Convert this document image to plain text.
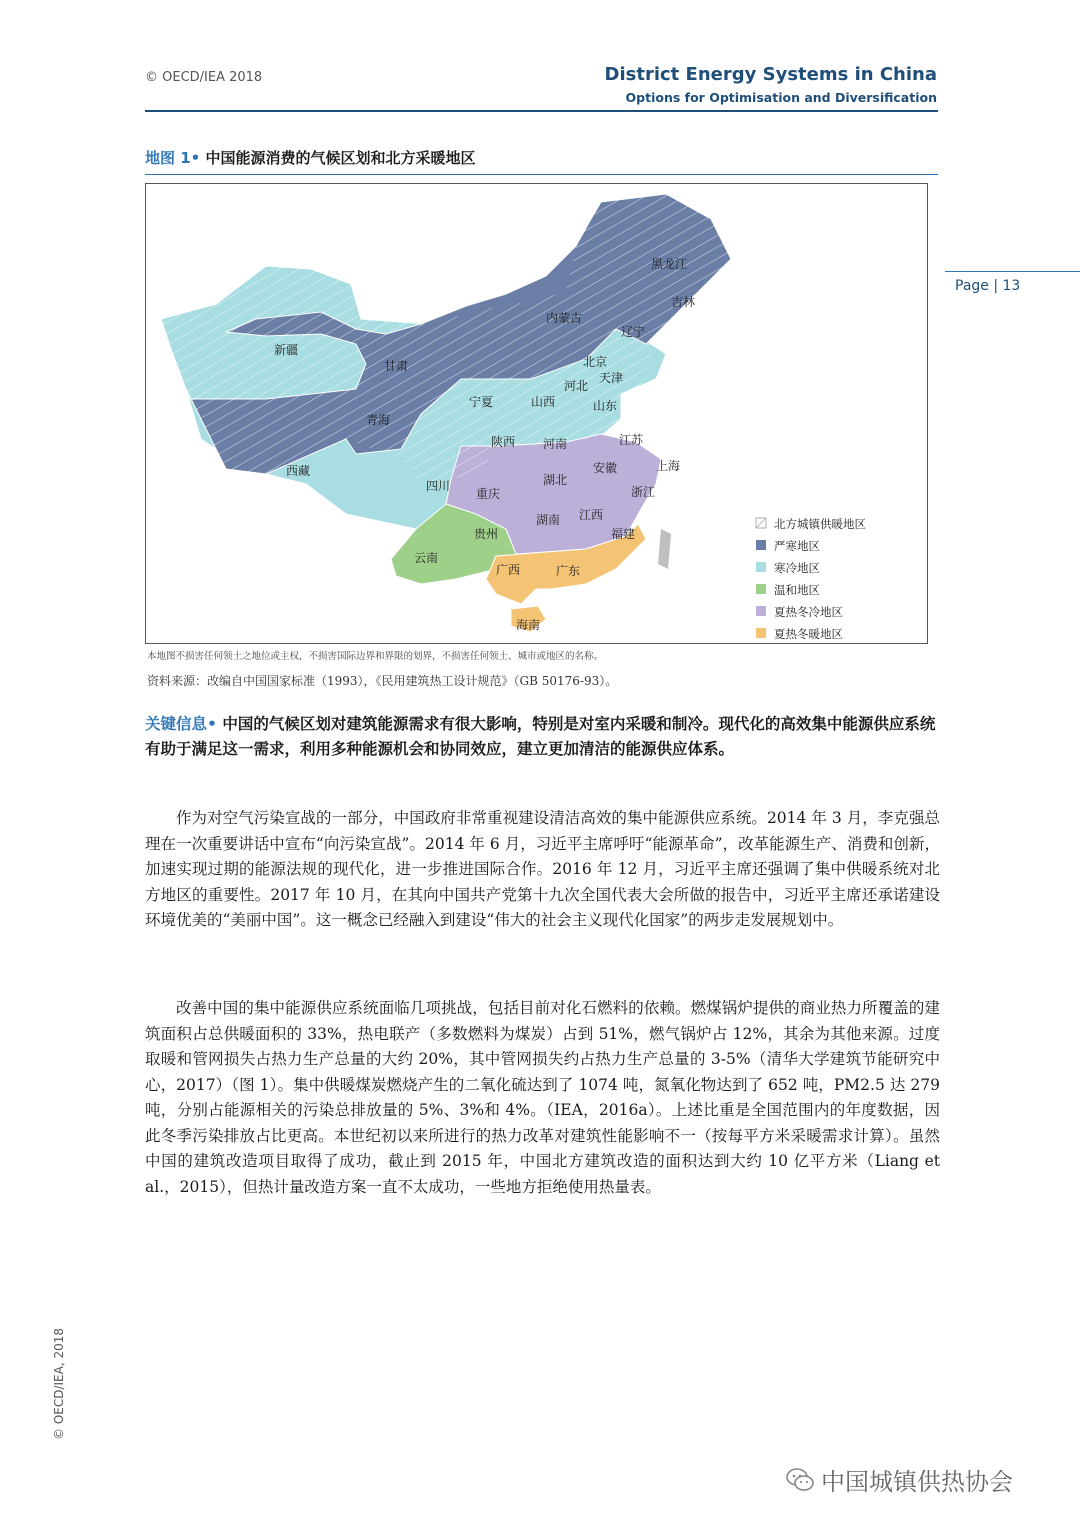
© OECD/IEA 2018	District Energy Systems in China
Options for Optimisation and Diversification
Page | 13
地图 1• 中国能源消费的气候区划和北方采暖地区
黑龙江
吉林
内蒙古
辽宁
新疆
甘肃	北京
天津
河北
宁夏	山西	山东
青海
陕西 河南	江苏
西藏	安徽	上海
四川
重庆
湖北
浙江
贵州
湖南 江西
福建
云南
广西	广东
海南
北方城镇供暖地区
严寒地区
寒冷地区
温和地区
夏热冬冷地区
夏热冬暖地区
本地图不损害任何领土之地位或主权，不损害国际边界和界限的划界，不损害任何领土、城市或地区的名称。
资料来源：改编自中国国家标准（1993），《民用建筑热工设计规范》（GB 50176-93）。
关键信息• 中国的气候区划对建筑能源需求有很大影响，特别是对室内采暖和制冷。现代化的高效集中能源供应系统有助于满足这一需求，利用多种能源机会和协同效应，建立更加清洁的能源供应体系。
作为对空气污染宣战的一部分，中国政府非常重视建设清洁高效的集中能源供应系统。2014 年 3 月，李克强总理在一次重要讲话中宣布“向污染宣战”。2014 年 6 月，习近平主席呼吁“能源革命”，改革能源生产、消费和创新，加速实现过期的能源法规的现代化，进一步推进国际合作。2016 年 12 月，习近平主席还强调了集中供暖系统对北方地区的重要性。2017 年 10 月，在其向中国共产党第十九次全国代表大会所做的报告中，习近平主席还承诺建设环境优美的“美丽中国”。这一概念已经融入到建设“伟大的社会主义现代化国家”的两步走发展规划中。
改善中国的集中能源供应系统面临几项挑战，包括目前对化石燃料的依赖。燃煤锅炉提供的商业热力所覆盖的建筑面积占总供暖面积的 33%，热电联产（多数燃料为煤炭）占到 51%，燃气锅炉占 12%，其余为其他来源。过度取暖和管网损失占热力生产总量的大约 20%，其中管网损失约占热力生产总量的 3-5%（清华大学建筑节能研究中心，2017）（图 1）。集中供暖煤炭燃烧产生的二氧化硫达到了 1074 吨，氮氧化物达到了 652 吨，PM2.5 达 279 吨，分别占能源相关的污染总排放量的 5%、3%和 4%。（IEA，2016a）。上述比重是全国范围内的年度数据，因此冬季污染排放占比更高。本世纪初以来所进行的热力改革对建筑性能影响不一（按每平方米采暖需求计算）。虽然中国的建筑改造项目取得了成功，截止到 2015 年，中国北方建筑改造的面积达到大约 10 亿平方米（Liang et al.，2015），但热计量改造方案一直不太成功，一些地方拒绝使用热量表。
© OECD/IEA, 2018
中国城镇供热协会
